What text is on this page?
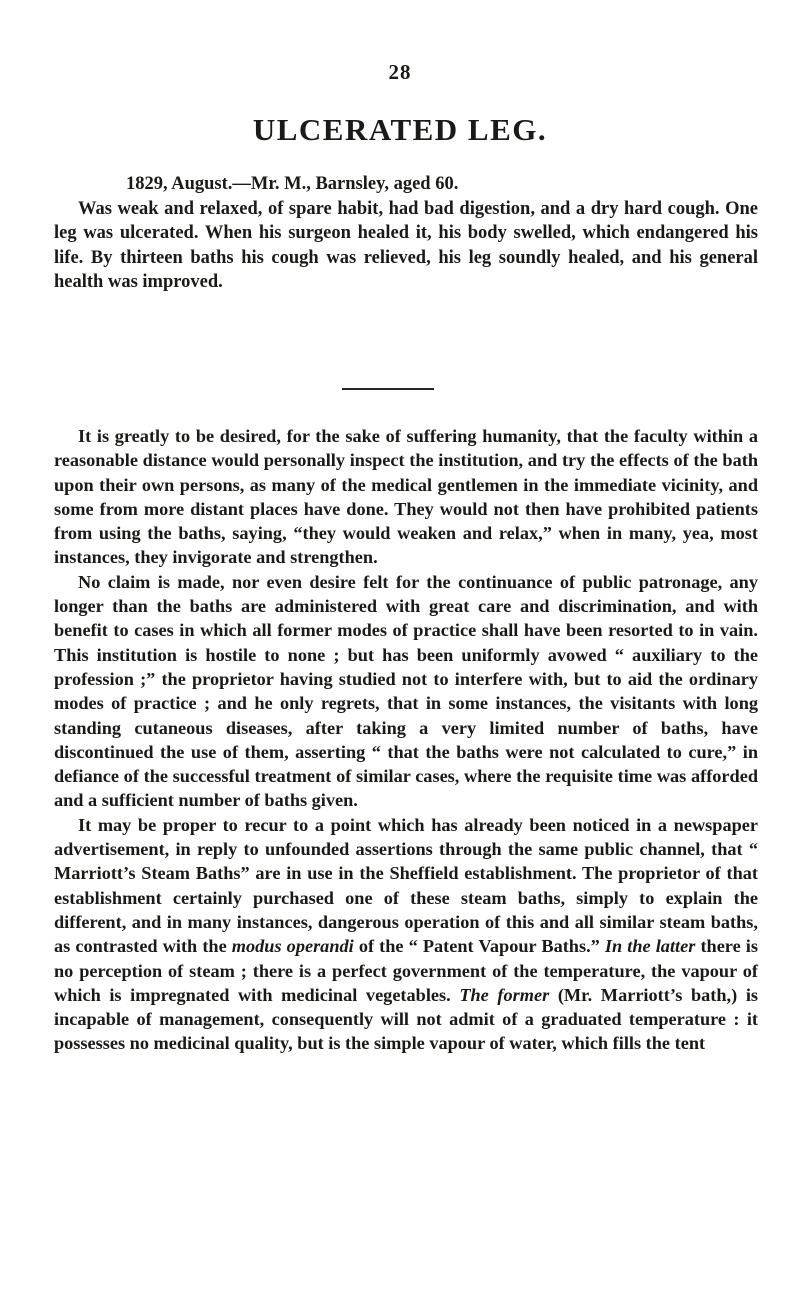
28
ULCERATED LEG.

1829, August.—Mr. M., Barnsley, aged 60.

Was weak and relaxed, of spare habit, had bad digestion, and a dry hard cough. One leg was ulcerated. When his surgeon healed it, his body swelled, which endangered his life. By thirteen baths his cough was relieved, his leg soundly healed, and his general health was improved.

It is greatly to be desired, for the sake of suffering humanity, that the faculty within a reasonable distance would personally inspect the institution, and try the effects of the bath upon their own persons, as many of the medical gentlemen in the immediate vicinity, and some from more distant places have done. They would not then have prohibited patients from using the baths, saying, “they would weaken and relax,” when in many, yea, most instances, they invigorate and strengthen.

No claim is made, nor even desire felt for the continuance of public patronage, any longer than the baths are administered with great care and discrimination, and with benefit to cases in which all former modes of practice shall have been resorted to in vain. This institution is hostile to none ; but has been uniformly avowed “ auxiliary to the profession ;” the proprietor having studied not to interfere with, but to aid the ordinary modes of practice ; and he only regrets, that in some instances, the visitants with long standing cutaneous diseases, after taking a very limited number of baths, have discontinued the use of them, asserting “ that the baths were not calculated to cure,” in defiance of the successful treatment of similar cases, where the requisite time was afforded and a sufficient number of baths given.

It may be proper to recur to a point which has already been noticed in a newspaper advertisement, in reply to unfounded assertions through the same public channel, that “ Marriott’s Steam Baths” are in use in the Sheffield establishment. The proprietor of that establishment certainly purchased one of these steam baths, simply to explain the different, and in many instances, dangerous operation of this and all similar steam baths, as contrasted with the modus operandi of the “ Patent Vapour Baths.” In the latter there is no perception of steam ; there is a perfect government of the temperature, the vapour of which is impregnated with medicinal vegetables. The former (Mr. Marriott’s bath,) is incapable of management, consequently will not admit of a graduated temperature : it possesses no medicinal quality, but is the simple vapour of water, which fills the tent
